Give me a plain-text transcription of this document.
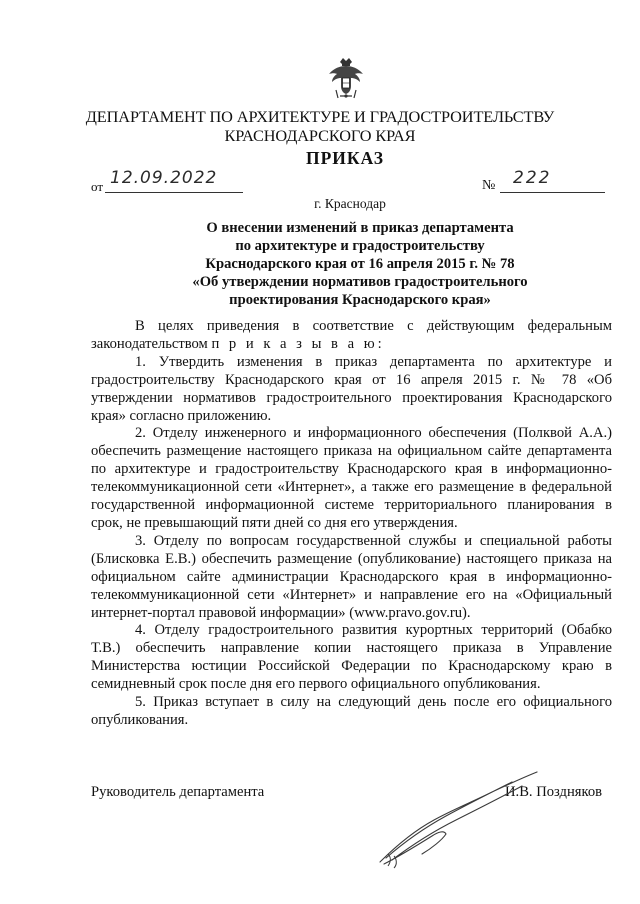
ДЕПАРТАМЕНТ ПО АРХИТЕКТУРЕ И ГРАДОСТРОИТЕЛЬСТВУ
КРАСНОДАРСКОГО КРАЯ
ПРИКАЗ
от 12.09.2022	№ 222
г. Краснодар
О внесении изменений в приказ департамента
по архитектуре и градостроительству
Краснодарского края от 16 апреля 2015 г. № 78
«Об утверждении нормативов градостроительного
проектирования Краснодарского края»

В целях приведения в соответствие с действующим федеральным законодательством п р и к а з ы в а ю:

1. Утвердить изменения в приказ департамента по архитектуре и градостроительству Краснодарского края от 16 апреля 2015 г. № 78 «Об утверждении нормативов градостроительного проектирования Краснодарского края» согласно приложению.

2. Отделу инженерного и информационного обеспечения (Полквой А.А.) обеспечить размещение настоящего приказа на официальном сайте департамента по архитектуре и градостроительству Краснодарского края в информационно-телекоммуникационной сети «Интернет», а также его размещение в федеральной государственной информационной системе территориального планирования в срок, не превышающий пяти дней со дня его утверждения.

3. Отделу по вопросам государственной службы и специальной работы (Блисковка Е.В.) обеспечить размещение (опубликование) настоящего приказа на официальном сайте администрации Краснодарского края в информационно-телекоммуникационной сети «Интернет» и направление его на «Официальный интернет-портал правовой информации» (www.pravo.gov.ru).

4. Отделу градостроительного развития курортных территорий (Обабко Т.В.) обеспечить направление копии настоящего приказа в Управление Министерства юстиции Российской Федерации по Краснодарскому краю в семидневный срок после дня его первого официального опубликования.

5. Приказ вступает в силу на следующий день после его официального опубликования.

Руководитель департамента	И.В. Поздняков
